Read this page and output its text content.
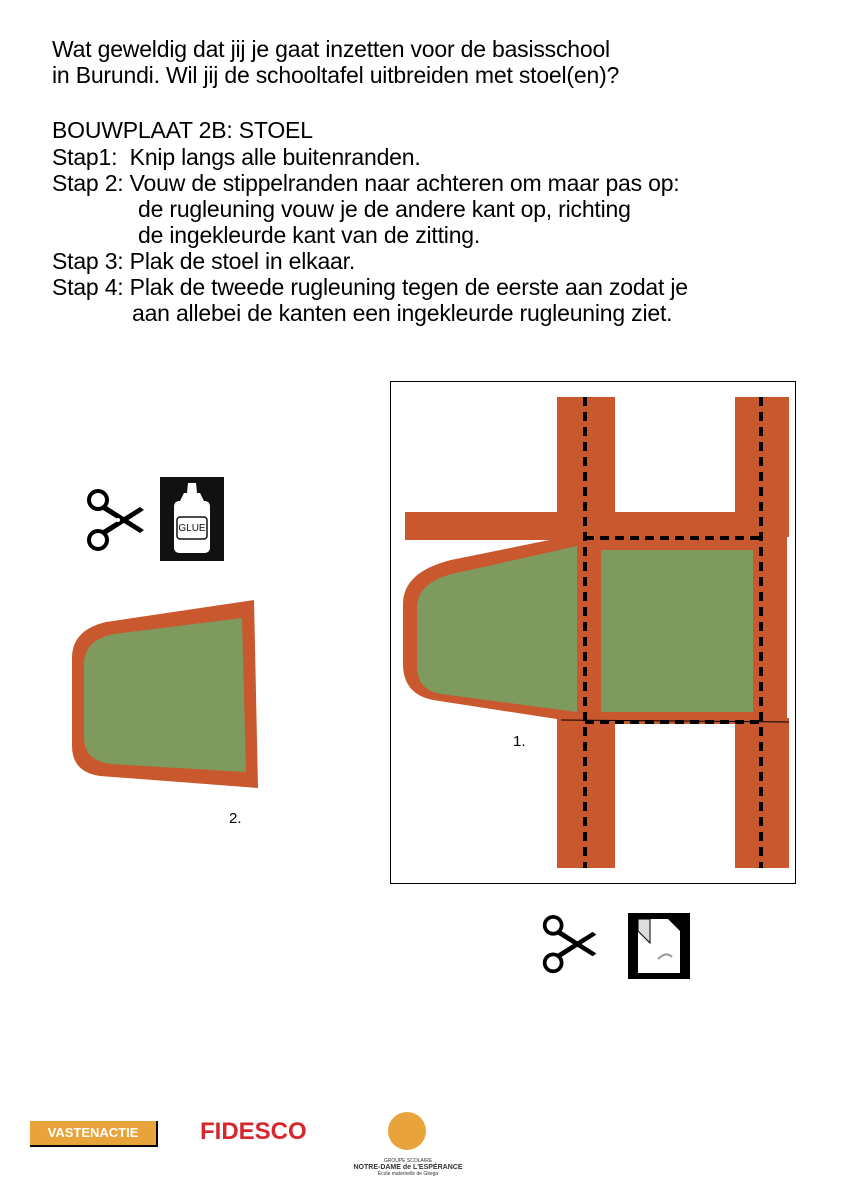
Wat geweldig dat jij je gaat inzetten voor de basisschool
in Burundi. Wil jij de schooltafel uitbreiden met stoel(en)?
BOUWPLAAT 2B: STOEL
Stap1:  Knip langs alle buitenranden.
Stap 2: Vouw de stippelranden naar achteren om maar pas op:
de rugleuning vouw je de andere kant op, richting
de ingekleurde kant van de zitting.
Stap 3: Plak de stoel in elkaar.
Stap 4: Plak de tweede rugleuning tegen de eerste aan zodat je
aan allebei de kanten een ingekleurde rugleuning ziet.
GLUE
2.
1.
VASTENACTIE	FIDESCO
GROUPE SCOLAIRE
NOTRE-DAME de L'ESPÉRANCE
École maternelle de Gitega
